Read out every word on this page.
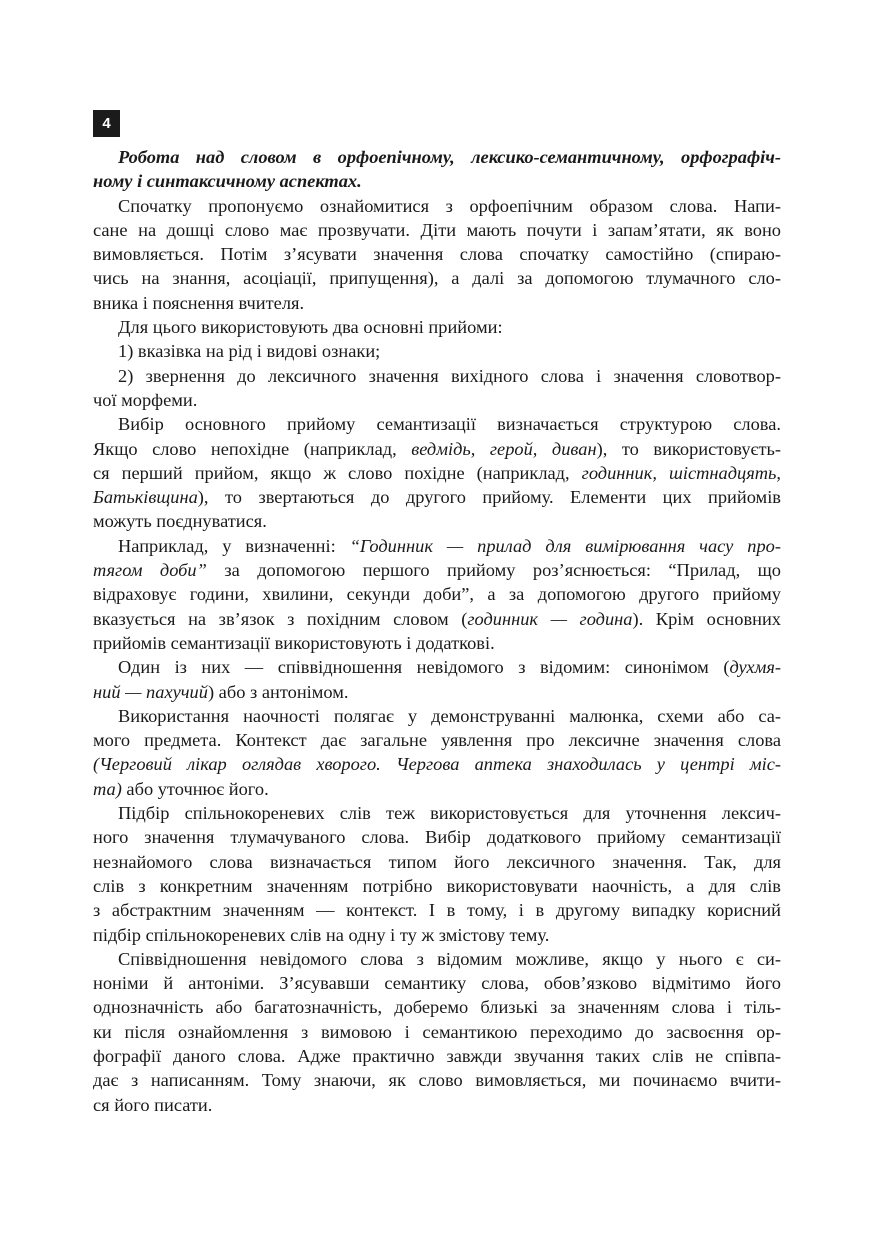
4
Робота над словом в орфоепічному, лексико-семантичному, орфографіч-
ному і синтаксичному аспектах.
Спочатку пропонуємо ознайомитися з орфоепічним образом слова. Напи-
сане на дошці слово має прозвучати. Діти мають почути і запам’ятати, як воно
вимовляється. Потім з’ясувати значення слова спочатку самостійно (спираю-
чись на знання, асоціації, припущення), а далі за допомогою тлумачного сло-
вника і пояснення вчителя.
Для цього використовують два основні прийоми:
1) вказівка на рід і видові ознаки;
2) звернення до лексичного значення вихідного слова і значення словотвор-
чої морфеми.
Вибір основного прийому семантизації визначається структурою слова.
Якщо слово непохідне (наприклад, ведмідь, герой, диван), то використовуєть-
ся перший прийом, якщо ж слово похідне (наприклад, годинник, шістнадцять,
Батьківщина), то звертаються до другого прийому. Елементи цих прийомів
можуть поєднуватися.
Наприклад, у визначенні: “Годинник — прилад для вимірювання часу про-
тягом доби” за допомогою першого прийому роз’яснюється: “Прилад, що
відраховує години, хвилини, секунди доби”, а за допомогою другого прийому
вказується на зв’язок з похідним словом (годинник — година). Крім основних
прийомів семантизації використовують і додаткові.
Один із них — співвідношення невідомого з відомим: синонімом (духмя-
ний — пахучий) або з антонімом.
Використання наочності полягає у демонструванні малюнка, схеми або са-
мого предмета. Контекст дає загальне уявлення про лексичне значення слова
(Черговий лікар оглядав хворого. Чергова аптека знаходилась у центрі міс-
та) або уточнює його.
Підбір спільнокореневих слів теж використовується для уточнення лексич-
ного значення тлумачуваного слова. Вибір додаткового прийому семантизації
незнайомого слова визначається типом його лексичного значення. Так, для
слів з конкретним значенням потрібно використовувати наочність, а для слів
з абстрактним значенням — контекст. І в тому, і в другому випадку корисний
підбір спільнокореневих слів на одну і ту ж змістову тему.
Співвідношення невідомого слова з відомим можливе, якщо у нього є си-
ноніми й антоніми. З’ясувавши семантику слова, обов’язково відмітимо його
однозначність або багатозначність, доберемо близькі за значенням слова і тіль-
ки після ознайомлення з вимовою і семантикою переходимо до засвоєння ор-
фографії даного слова. Адже практично завжди звучання таких слів не співпа-
дає з написанням. Тому знаючи, як слово вимовляється, ми починаємо вчити-
ся його писати.
